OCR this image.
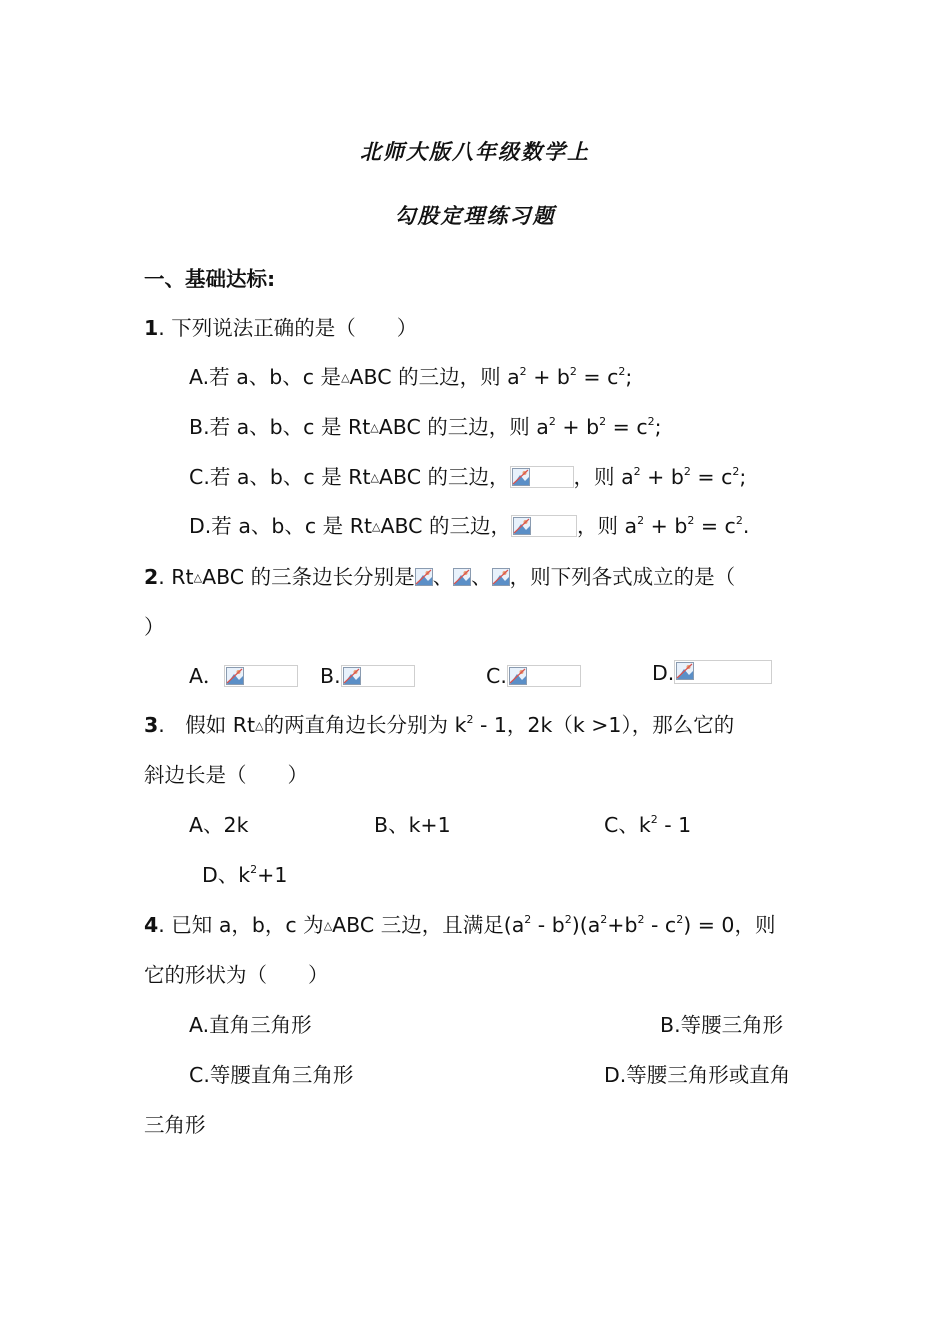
北师大版八年级数学上
勾股定理练习题
一、基础达标:
1. 下列说法正确的是（　　）
A.若 a、b、c 是△ABC 的三边，则 $a^2 + b^2 = c^2$;
B.若 a、b、c 是 Rt△ABC 的三边，则 $a^2 + b^2 = c^2$;
C.若 a、b、c 是 Rt△ABC 的三边，	，则 $a^2 + b^2 = c^2$;
D.若 a、b、c 是 Rt△ABC 的三边，	，则 $a^2 + b^2 = c^2$.
2. Rt△ABC 的三条边长分别是 、 、 ，则下列各式成立的是（
）
A．	B.	C.	D.
3.　假如 Rt△的两直角边长分别为 $k^2 - 1$，2k（k >1），那么它的
斜边长是（　　）
A、2k	B、k+1	C、$k^2 - 1$
D、$k^2+1$
4. 已知 a，b，c 为△ABC 三边，且满足$(a^2 - b^2)(a^2+b^2 - c^2) = 0$，则
它的形状为（　　）
A.直角三角形	B.等腰三角形
C.等腰直角三角形	D.等腰三角形或直角
三角形
